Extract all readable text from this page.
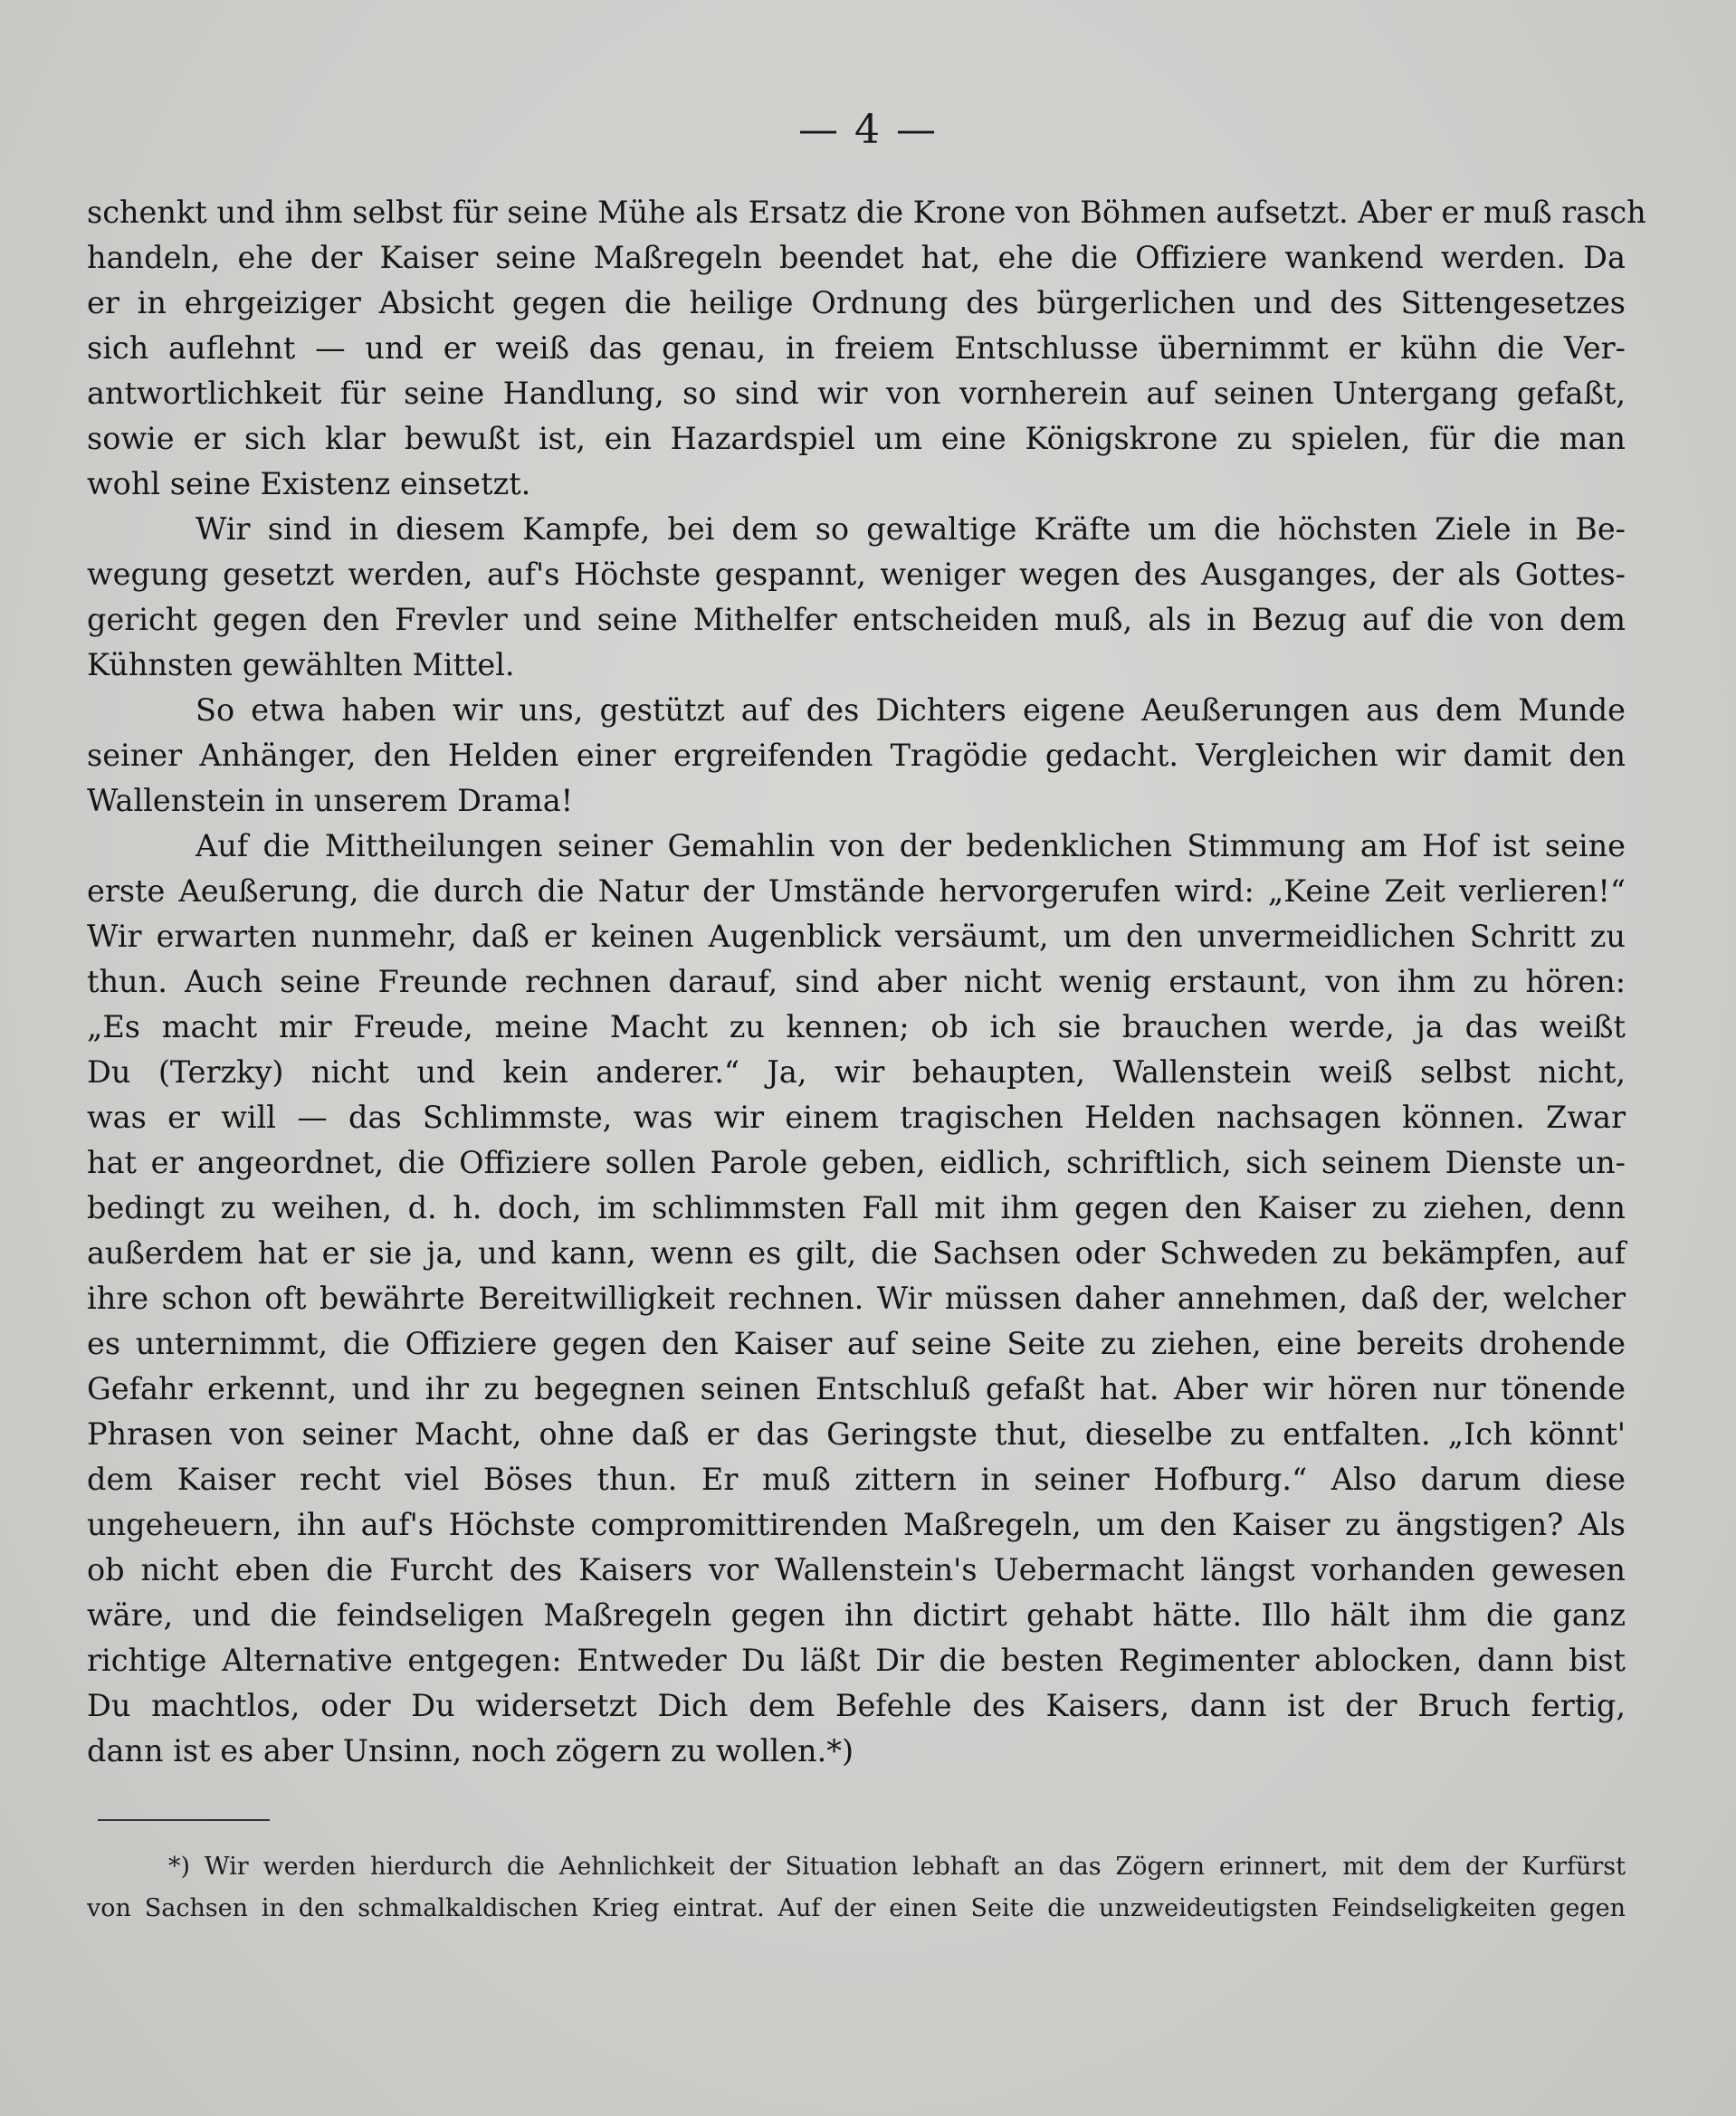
— 4 —
schenkt und ihm selbst für seine Mühe als Ersatz die Krone von Böhmen aufsetzt. Aber er muß rasch
handeln, ehe der Kaiser seine Maßregeln beendet hat, ehe die Offiziere wankend werden. Da
er in ehrgeiziger Absicht gegen die heilige Ordnung des bürgerlichen und des Sittengesetzes
sich auflehnt — und er weiß das genau, in freiem Entschlusse übernimmt er kühn die Ver-
antwortlichkeit für seine Handlung, so sind wir von vornherein auf seinen Untergang gefaßt,
sowie er sich klar bewußt ist, ein Hazardspiel um eine Königskrone zu spielen, für die man
wohl seine Existenz einsetzt.
Wir sind in diesem Kampfe, bei dem so gewaltige Kräfte um die höchsten Ziele in Be-
wegung gesetzt werden, auf's Höchste gespannt, weniger wegen des Ausganges, der als Gottes-
gericht gegen den Frevler und seine Mithelfer entscheiden muß, als in Bezug auf die von dem
Kühnsten gewählten Mittel.
So etwa haben wir uns, gestützt auf des Dichters eigene Aeußerungen aus dem Munde
seiner Anhänger, den Helden einer ergreifenden Tragödie gedacht. Vergleichen wir damit den
Wallenstein in unserem Drama!
Auf die Mittheilungen seiner Gemahlin von der bedenklichen Stimmung am Hof ist seine
erste Aeußerung, die durch die Natur der Umstände hervorgerufen wird: „Keine Zeit verlieren!“
Wir erwarten nunmehr, daß er keinen Augenblick versäumt, um den unvermeidlichen Schritt zu
thun. Auch seine Freunde rechnen darauf, sind aber nicht wenig erstaunt, von ihm zu hören:
„Es macht mir Freude, meine Macht zu kennen; ob ich sie brauchen werde, ja das weißt
Du (Terzky) nicht und kein anderer.“ Ja, wir behaupten, Wallenstein weiß selbst nicht,
was er will — das Schlimmste, was wir einem tragischen Helden nachsagen können. Zwar
hat er angeordnet, die Offiziere sollen Parole geben, eidlich, schriftlich, sich seinem Dienste un-
bedingt zu weihen, d. h. doch, im schlimmsten Fall mit ihm gegen den Kaiser zu ziehen, denn
außerdem hat er sie ja, und kann, wenn es gilt, die Sachsen oder Schweden zu bekämpfen, auf
ihre schon oft bewährte Bereitwilligkeit rechnen. Wir müssen daher annehmen, daß der, welcher
es unternimmt, die Offiziere gegen den Kaiser auf seine Seite zu ziehen, eine bereits drohende
Gefahr erkennt, und ihr zu begegnen seinen Entschluß gefaßt hat. Aber wir hören nur tönende
Phrasen von seiner Macht, ohne daß er das Geringste thut, dieselbe zu entfalten. „Ich könnt'
dem Kaiser recht viel Böses thun. Er muß zittern in seiner Hofburg.“ Also darum diese
ungeheuern, ihn auf's Höchste compromittirenden Maßregeln, um den Kaiser zu ängstigen? Als
ob nicht eben die Furcht des Kaisers vor Wallenstein's Uebermacht längst vorhanden gewesen
wäre, und die feindseligen Maßregeln gegen ihn dictirt gehabt hätte. Illo hält ihm die ganz
richtige Alternative entgegen: Entweder Du läßt Dir die besten Regimenter ablocken, dann bist
Du machtlos, oder Du widersetzt Dich dem Befehle des Kaisers, dann ist der Bruch fertig,
dann ist es aber Unsinn, noch zögern zu wollen.*)
*) Wir werden hierdurch die Aehnlichkeit der Situation lebhaft an das Zögern erinnert, mit dem der Kurfürst
von Sachsen in den schmalkaldischen Krieg eintrat. Auf der einen Seite die unzweideutigsten Feindseligkeiten gegen
